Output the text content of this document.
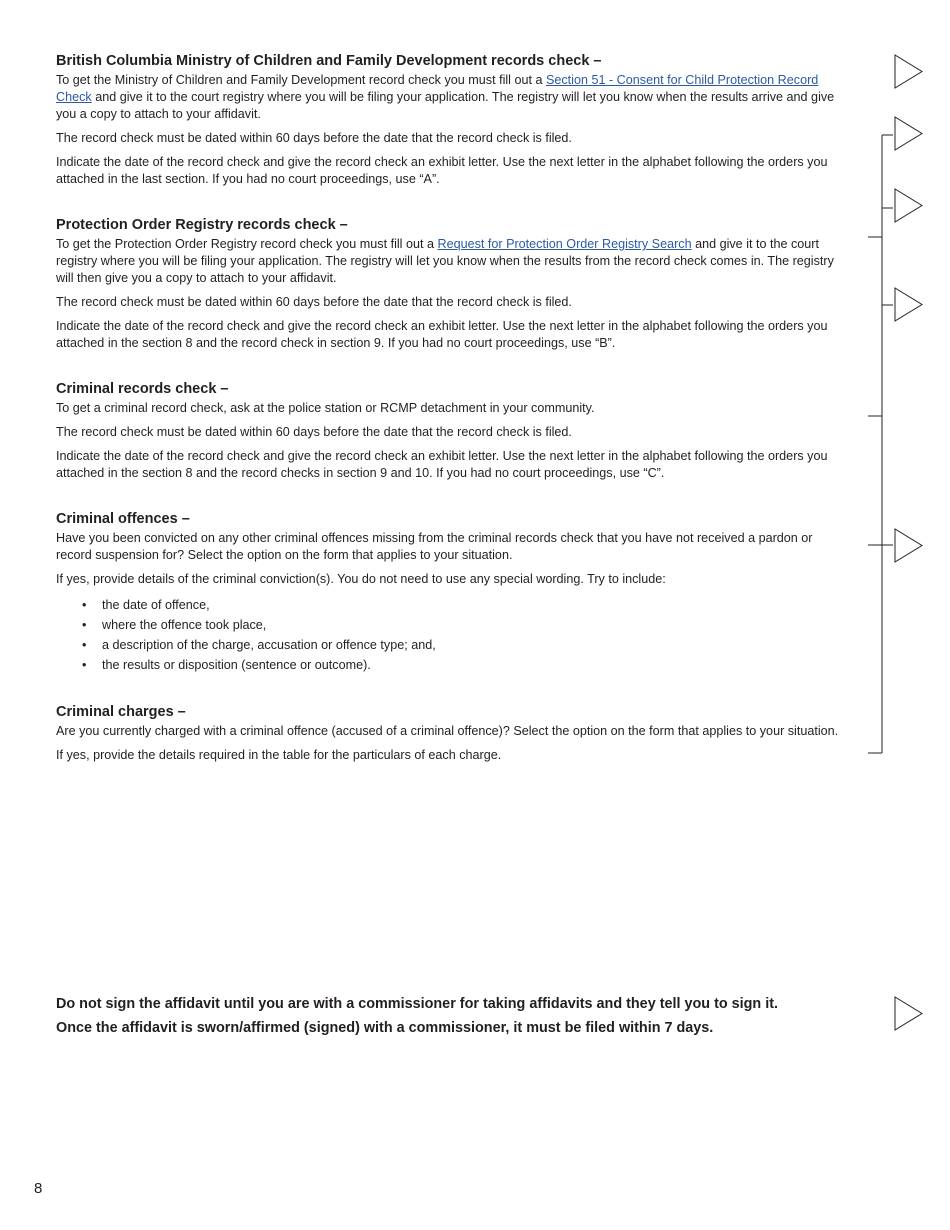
British Columbia Ministry of Children and Family Development records check –

To get the Ministry of Children and Family Development record check you must fill out a Section 51 - Consent for Child Protection Record Check and give it to the court registry where you will be filing your application. The registry will let you know when the results arrive and give you a copy to attach to your affidavit.

The record check must be dated within 60 days before the date that the record check is filed.

Indicate the date of the record check and give the record check an exhibit letter. Use the next letter in the alphabet following the orders you attached in the last section. If you had no court proceedings, use “A”.

Protection Order Registry records check –

To get the Protection Order Registry record check you must fill out a Request for Protection Order Registry Search and give it to the court registry where you will be filing your application. The registry will let you know when the results from the record check comes in. The registry will then give you a copy to attach to your affidavit.

The record check must be dated within 60 days before the date that the record check is filed.

Indicate the date of the record check and give the record check an exhibit letter. Use the next letter in the alphabet following the orders you attached in the section 8 and the record check in section 9. If you had no court proceedings, use “B”.

Criminal records check –

To get a criminal record check, ask at the police station or RCMP detachment in your community.

The record check must be dated within 60 days before the date that the record check is filed.

Indicate the date of the record check and give the record check an exhibit letter. Use the next letter in the alphabet following the orders you attached in the section 8 and the record checks in section 9 and 10. If you had no court proceedings, use “C”.

Criminal offences –

Have you been convicted on any other criminal offences missing from the criminal records check that you have not received a pardon or record suspension for? Select the option on the form that applies to your situation.

If yes, provide details of the criminal conviction(s). You do not need to use any special wording. Try to include:

• the date of offence,
• where the offence took place,
• a description of the charge, accusation or offence type; and,
• the results or disposition (sentence or outcome).
Criminal charges –

Are you currently charged with a criminal offence (accused of a criminal offence)? Select the option on the form that applies to your situation.

If yes, provide the details required in the table for the particulars of each charge.

Do not sign the affidavit until you are with a commissioner for taking affidavits and they tell you to sign it.

Once the affidavit is sworn/affirmed (signed) with a commissioner, it must be filed within 7 days.

8
